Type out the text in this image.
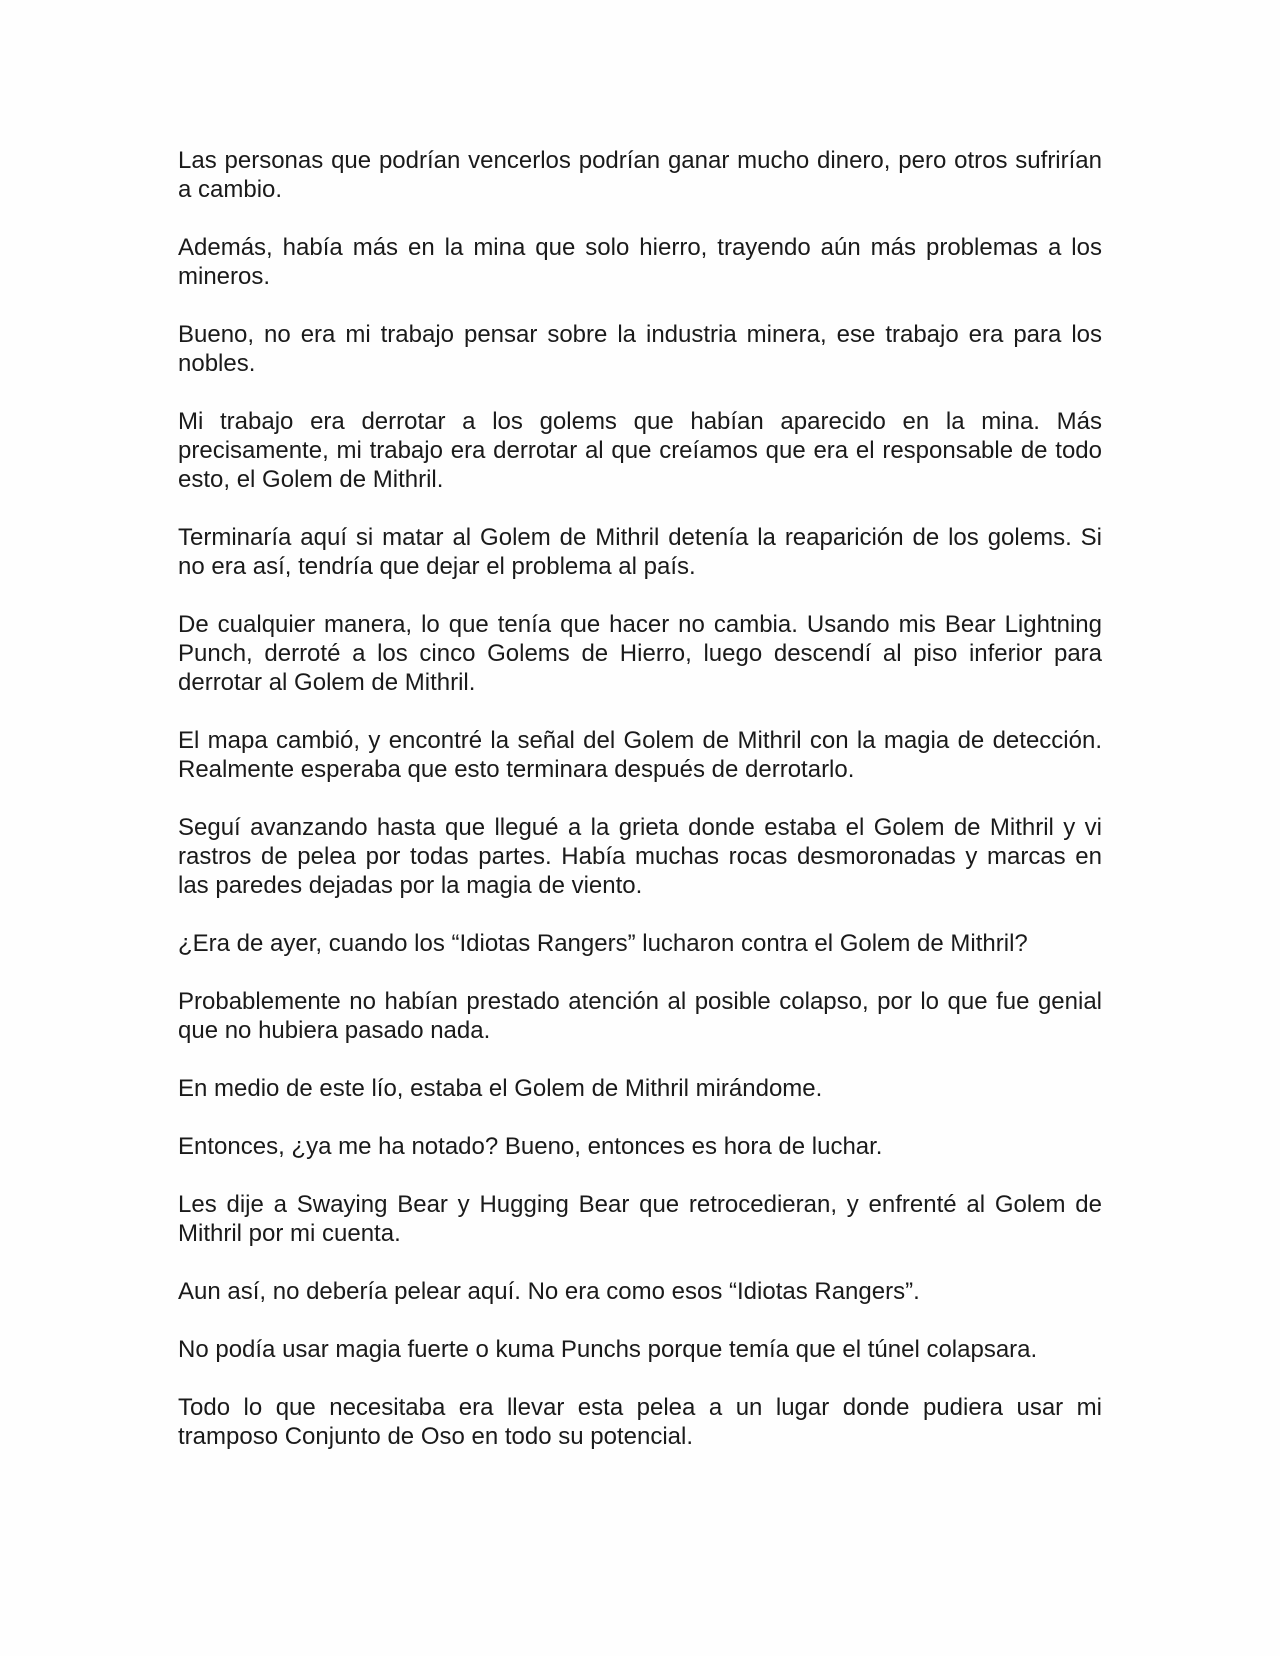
Las personas que podrían vencerlos podrían ganar mucho dinero, pero otros sufrirían a cambio.

Además, había más en la mina que solo hierro, trayendo aún más problemas a los mineros.

Bueno, no era mi trabajo pensar sobre la industria minera, ese trabajo era para los nobles.

Mi trabajo era derrotar a los golems que habían aparecido en la mina. Más precisamente, mi trabajo era derrotar al que creíamos que era el responsable de todo esto, el Golem de Mithril.

Terminaría aquí si matar al Golem de Mithril detenía la reaparición de los golems. Si no era así, tendría que dejar el problema al país.

De cualquier manera, lo que tenía que hacer no cambia. Usando mis Bear Lightning Punch, derroté a los cinco Golems de Hierro, luego descendí al piso inferior para derrotar al Golem de Mithril.

El mapa cambió, y encontré la señal del Golem de Mithril con la magia de detección. Realmente esperaba que esto terminara después de derrotarlo.

Seguí avanzando hasta que llegué a la grieta donde estaba el Golem de Mithril y vi rastros de pelea por todas partes. Había muchas rocas desmoronadas y marcas en las paredes dejadas por la magia de viento.

¿Era de ayer, cuando los “Idiotas Rangers” lucharon contra el Golem de Mithril?

Probablemente no habían prestado atención al posible colapso, por lo que fue genial que no hubiera pasado nada.

En medio de este lío, estaba el Golem de Mithril mirándome.

Entonces, ¿ya me ha notado? Bueno, entonces es hora de luchar.

Les dije a Swaying Bear y Hugging Bear que retrocedieran, y enfrenté al Golem de Mithril por mi cuenta.

Aun así, no debería pelear aquí. No era como esos “Idiotas Rangers”.

No podía usar magia fuerte o kuma Punchs porque temía que el túnel colapsara.

Todo lo que necesitaba era llevar esta pelea a un lugar donde pudiera usar mi tramposo Conjunto de Oso en todo su potencial.
